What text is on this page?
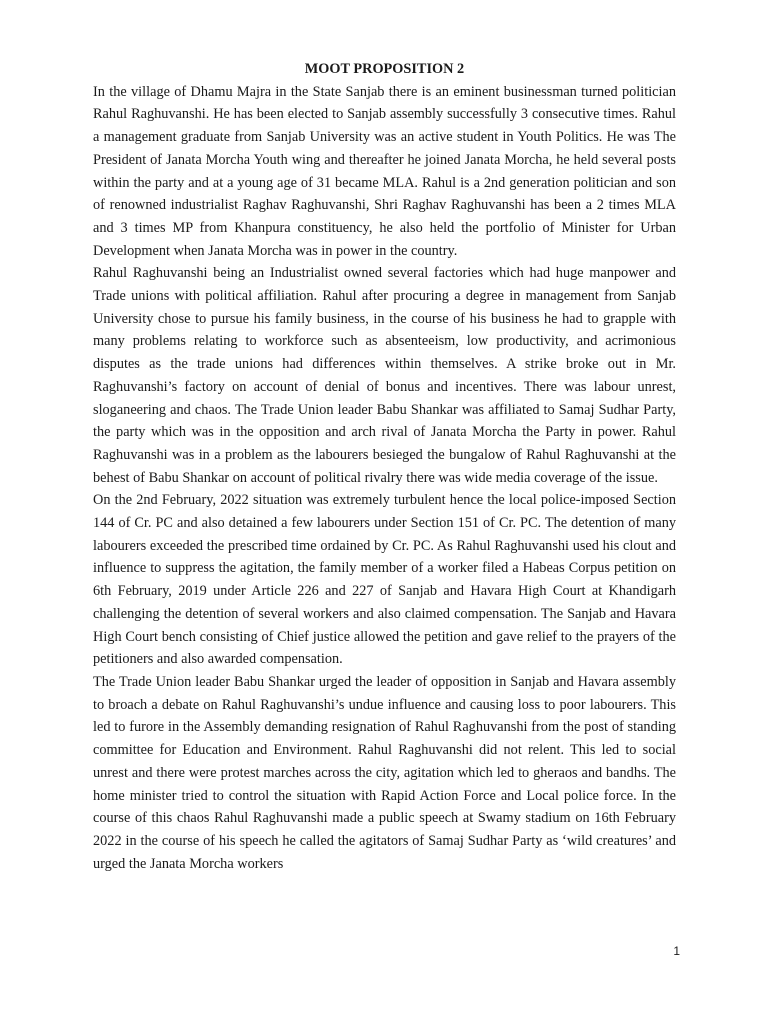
MOOT PROPOSITION 2

In the village of Dhamu Majra in the State Sanjab there is an eminent businessman turned politician Rahul Raghuvanshi. He has been elected to Sanjab assembly successfully 3 consecutive times. Rahul a management graduate from Sanjab University was an active student in Youth Politics. He was The President of Janata Morcha Youth wing and thereafter he joined Janata Morcha, he held several posts within the party and at a young age of 31 became MLA. Rahul is a 2nd generation politician and son of renowned industrialist Raghav Raghuvanshi, Shri Raghav Raghuvanshi has been a 2 times MLA and 3 times MP from Khanpura constituency, he also held the portfolio of Minister for Urban Development when Janata Morcha was in power in the country.

Rahul Raghuvanshi being an Industrialist owned several factories which had huge manpower and Trade unions with political affiliation. Rahul after procuring a degree in management from Sanjab University chose to pursue his family business, in the course of his business he had to grapple with many problems relating to workforce such as absenteeism, low productivity, and acrimonious disputes as the trade unions had differences within themselves. A strike broke out in Mr. Raghuvanshi’s factory on account of denial of bonus and incentives. There was labour unrest, sloganeering and chaos. The Trade Union leader Babu Shankar was affiliated to Samaj Sudhar Party, the party which was in the opposition and arch rival of Janata Morcha the Party in power. Rahul Raghuvanshi was in a problem as the labourers besieged the bungalow of Rahul Raghuvanshi at the behest of Babu Shankar on account of political rivalry there was wide media coverage of the issue.

On the 2nd February, 2022 situation was extremely turbulent hence the local police-imposed Section 144 of Cr. PC and also detained a few labourers under Section 151 of Cr. PC. The detention of many labourers exceeded the prescribed time ordained by Cr. PC. As Rahul Raghuvanshi used his clout and influence to suppress the agitation, the family member of a worker filed a Habeas Corpus petition on 6th February, 2019 under Article 226 and 227 of Sanjab and Havara High Court at Khandigarh challenging the detention of several workers and also claimed compensation. The Sanjab and Havara High Court bench consisting of Chief justice allowed the petition and gave relief to the prayers of the petitioners and also awarded compensation.

The Trade Union leader Babu Shankar urged the leader of opposition in Sanjab and Havara assembly to broach a debate on Rahul Raghuvanshi’s undue influence and causing loss to poor labourers. This led to furore in the Assembly demanding resignation of Rahul Raghuvanshi from the post of standing committee for Education and Environment. Rahul Raghuvanshi did not relent. This led to social unrest and there were protest marches across the city, agitation which led to gheraos and bandhs. The home minister tried to control the situation with Rapid Action Force and Local police force. In the course of this chaos Rahul Raghuvanshi made a public speech at Swamy stadium on 16th February 2022 in the course of his speech he called the agitators of Samaj Sudhar Party as ‘wild creatures’ and urged the Janata Morcha workers

1
